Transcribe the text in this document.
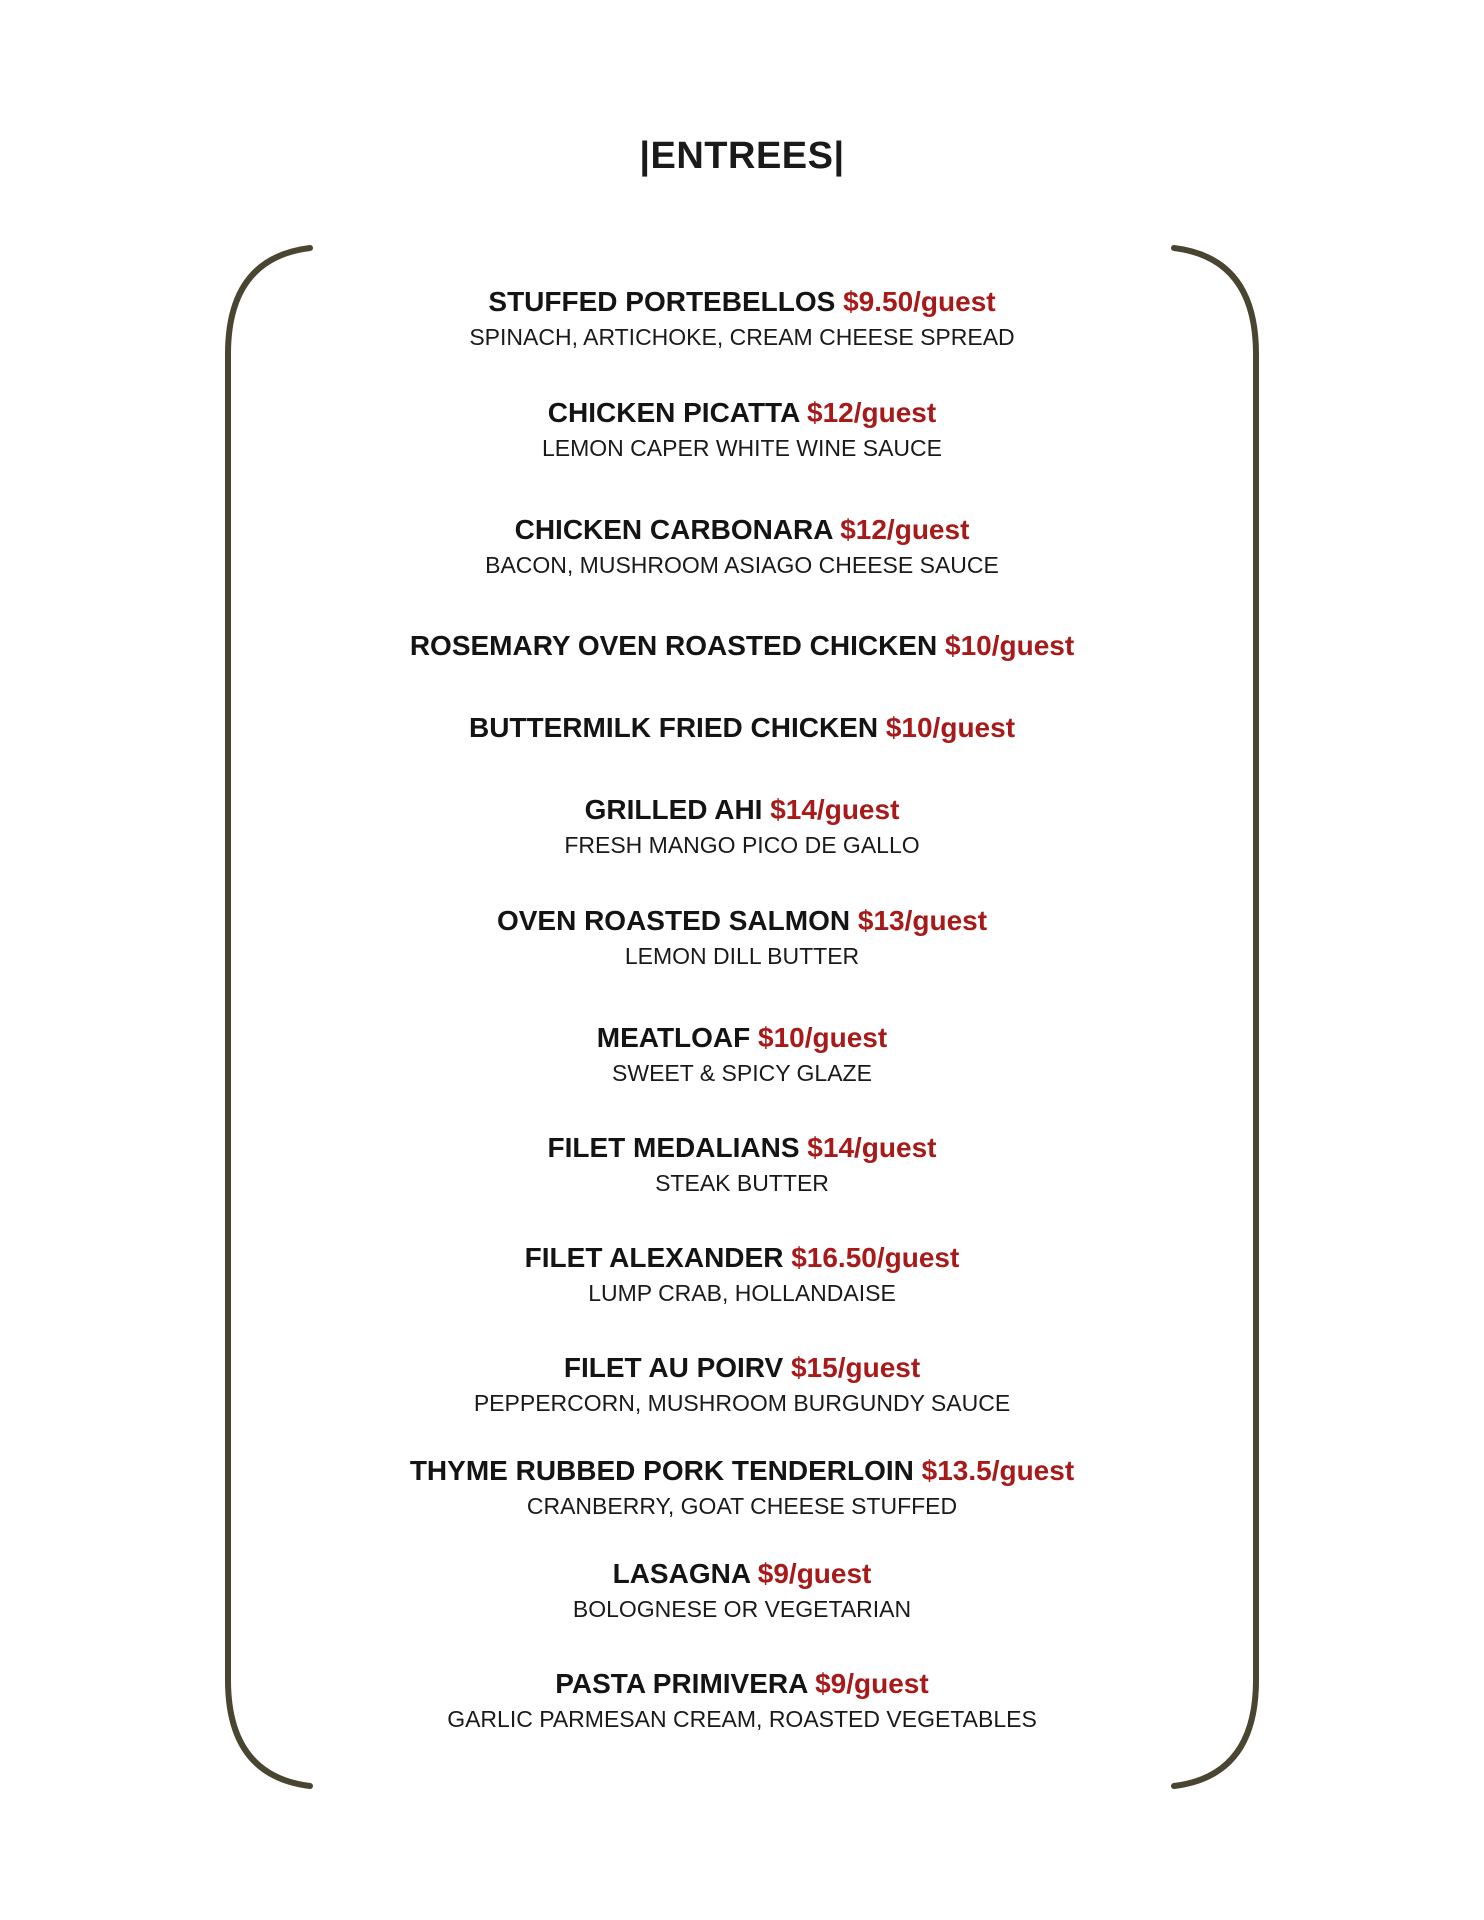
|ENTREES|
STUFFED PORTEBELLOS $9.50/guest
SPINACH, ARTICHOKE, CREAM CHEESE SPREAD
CHICKEN PICATTA $12/guest
LEMON CAPER WHITE WINE SAUCE
CHICKEN CARBONARA $12/guest
BACON, MUSHROOM ASIAGO CHEESE SAUCE
ROSEMARY OVEN ROASTED CHICKEN $10/guest
BUTTERMILK FRIED CHICKEN $10/guest
GRILLED AHI $14/guest
FRESH MANGO PICO DE GALLO
OVEN ROASTED SALMON $13/guest
LEMON DILL BUTTER
MEATLOAF $10/guest
SWEET & SPICY GLAZE
FILET MEDALIANS $14/guest
STEAK BUTTER
FILET ALEXANDER $16.50/guest
LUMP CRAB, HOLLANDAISE
FILET AU POIRV $15/guest
PEPPERCORN, MUSHROOM BURGUNDY SAUCE
THYME RUBBED PORK TENDERLOIN $13.5/guest
CRANBERRY, GOAT CHEESE STUFFED
LASAGNA $9/guest
BOLOGNESE OR VEGETARIAN
PASTA PRIMIVERA $9/guest
GARLIC PARMESAN CREAM, ROASTED VEGETABLES
